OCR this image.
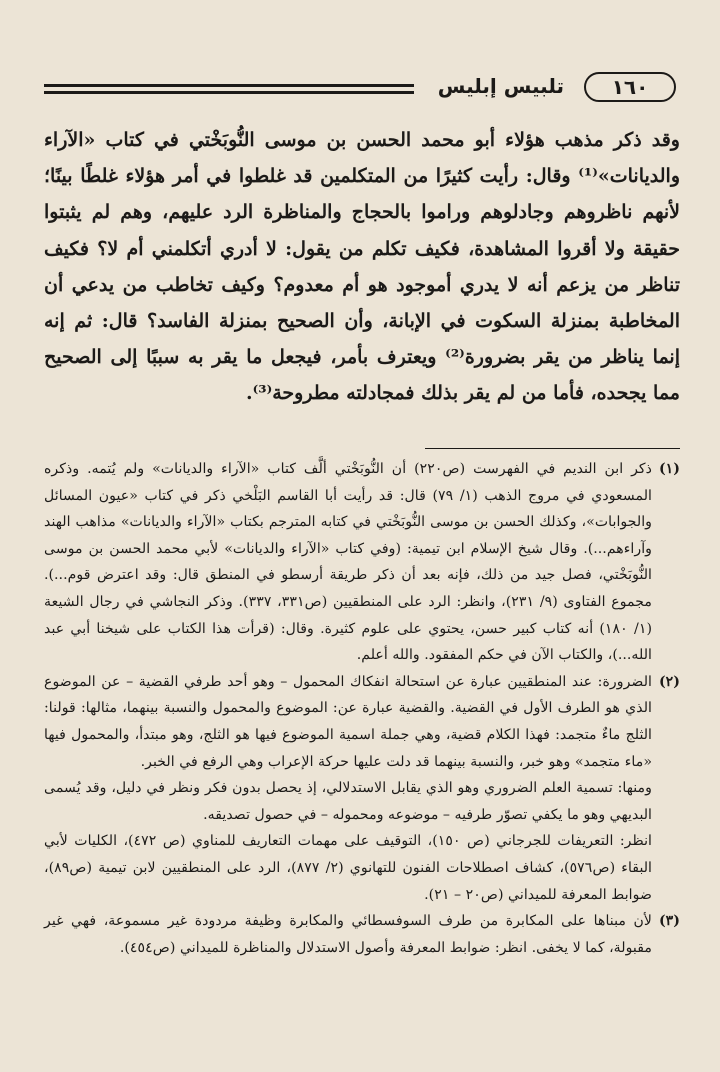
١٦٠
تلبيس إبليس

وقد ذكر مذهب هؤلاء أبو محمد الحسن بن موسى النُّوبَخْتي في كتاب «الآراء والديانات»⁽¹⁾ وقال: رأيت كثيرًا من المتكلمين قد غلطوا في أمر هؤلاء غلطًا بينًا؛ لأنهم ناظروهم وجادلوهم وراموا بالحجاج والمناظرة الرد عليهم، وهم لم يثبتوا حقيقة ولا أقروا المشاهدة، فكيف تكلم من يقول: لا أدري أتكلمني أم لا؟ فكيف تناظر من يزعم أنه لا يدري أموجود هو أم معدوم؟ وكيف تخاطب من يدعي أن المخاطبة بمنزلة السكوت في الإبانة، وأن الصحيح بمنزلة الفاسد؟ قال: ثم إنه إنما يناظر من يقر بضرورة⁽²⁾ ويعترف بأمر، فيجعل ما يقر به سببًا إلى الصحيح مما يجحده، فأما من لم يقر بذلك فمجادلته مطروحة⁽³⁾.

(١)

ذكر ابن النديم في الفهرست (ص٢٢٠) أن النُّوبَخْتي ألَّف كتاب «الآراء والديانات» ولم يُتمه. وذكره المسعودي في مروج الذهب (١/ ٧٩) قال: قد رأيت أبا القاسم البَلْخي ذكر في كتاب «عيون المسائل والجوابات»، وكذلك الحسن بن موسى النُّوبَخْتي في كتابه المترجم بكتاب «الآراء والديانات» مذاهب الهند وآراءهم...). وقال شيخ الإسلام ابن تيمية: (وفي كتاب «الآراء والديانات» لأبي محمد الحسن بن موسى النُّوبَخْتي، فصل جيد من ذلك، فإنه بعد أن ذكر طريقة أرسطو في المنطق قال: وقد اعترض قوم...). مجموع الفتاوى (٩/ ٢٣١)، وانظر: الرد على المنطقيين (ص٣٣١، ٣٣٧). وذكر النجاشي في رجال الشيعة (١/ ١٨٠) أنه كتاب كبير حسن، يحتوي على علوم كثيرة. وقال: (قرأت هذا الكتاب على شيخنا أبي عبد الله...)، والكتاب الآن في حكم المفقود. والله أعلم.

(٢)

الضرورة: عند المنطقيين عبارة عن استحالة انفكاك المحمول – وهو أحد طرفي القضية – عن الموضوع الذي هو الطرف الأول في القضية. والقضية عبارة عن: الموضوع والمحمول والنسبة بينهما، مثالها: قولنا: الثلج ماءٌ متجمد: فهذا الكلام قضية، وهي جملة اسمية الموضوع فيها هو الثلج، وهو مبتدأ، والمحمول فيها «ماء متجمد» وهو خبر، والنسبة بينهما قد دلت عليها حركة الإعراب وهي الرفع في الخبر.

ومنها: تسمية العلم الضروري وهو الذي يقابل الاستدلالي، إذ يحصل بدون فكر ونظر في دليل، وقد يُسمى البديهي وهو ما يكفي تصوّر طرفيه – موضوعه ومحموله – في حصول تصديقه.

انظر: التعريفات للجرجاني (ص ١٥٠)، التوقيف على مهمات التعاريف للمناوي (ص ٤٧٢)، الكليات لأبي البقاء (ص٥٧٦)، كشاف اصطلاحات الفنون للتهانوي (٢/ ٨٧٧)، الرد على المنطقيين لابن تيمية (ص٨٩)، ضوابط المعرفة للميداني (ص٢٠ – ٢١).

(٣)

لأن مبناها على المكابرة من طرف السوفسطائي والمكابرة وظيفة مردودة غير مسموعة، فهي غير مقبولة، كما لا يخفى. انظر: ضوابط المعرفة وأصول الاستدلال والمناظرة للميداني (ص٤٥٤).
